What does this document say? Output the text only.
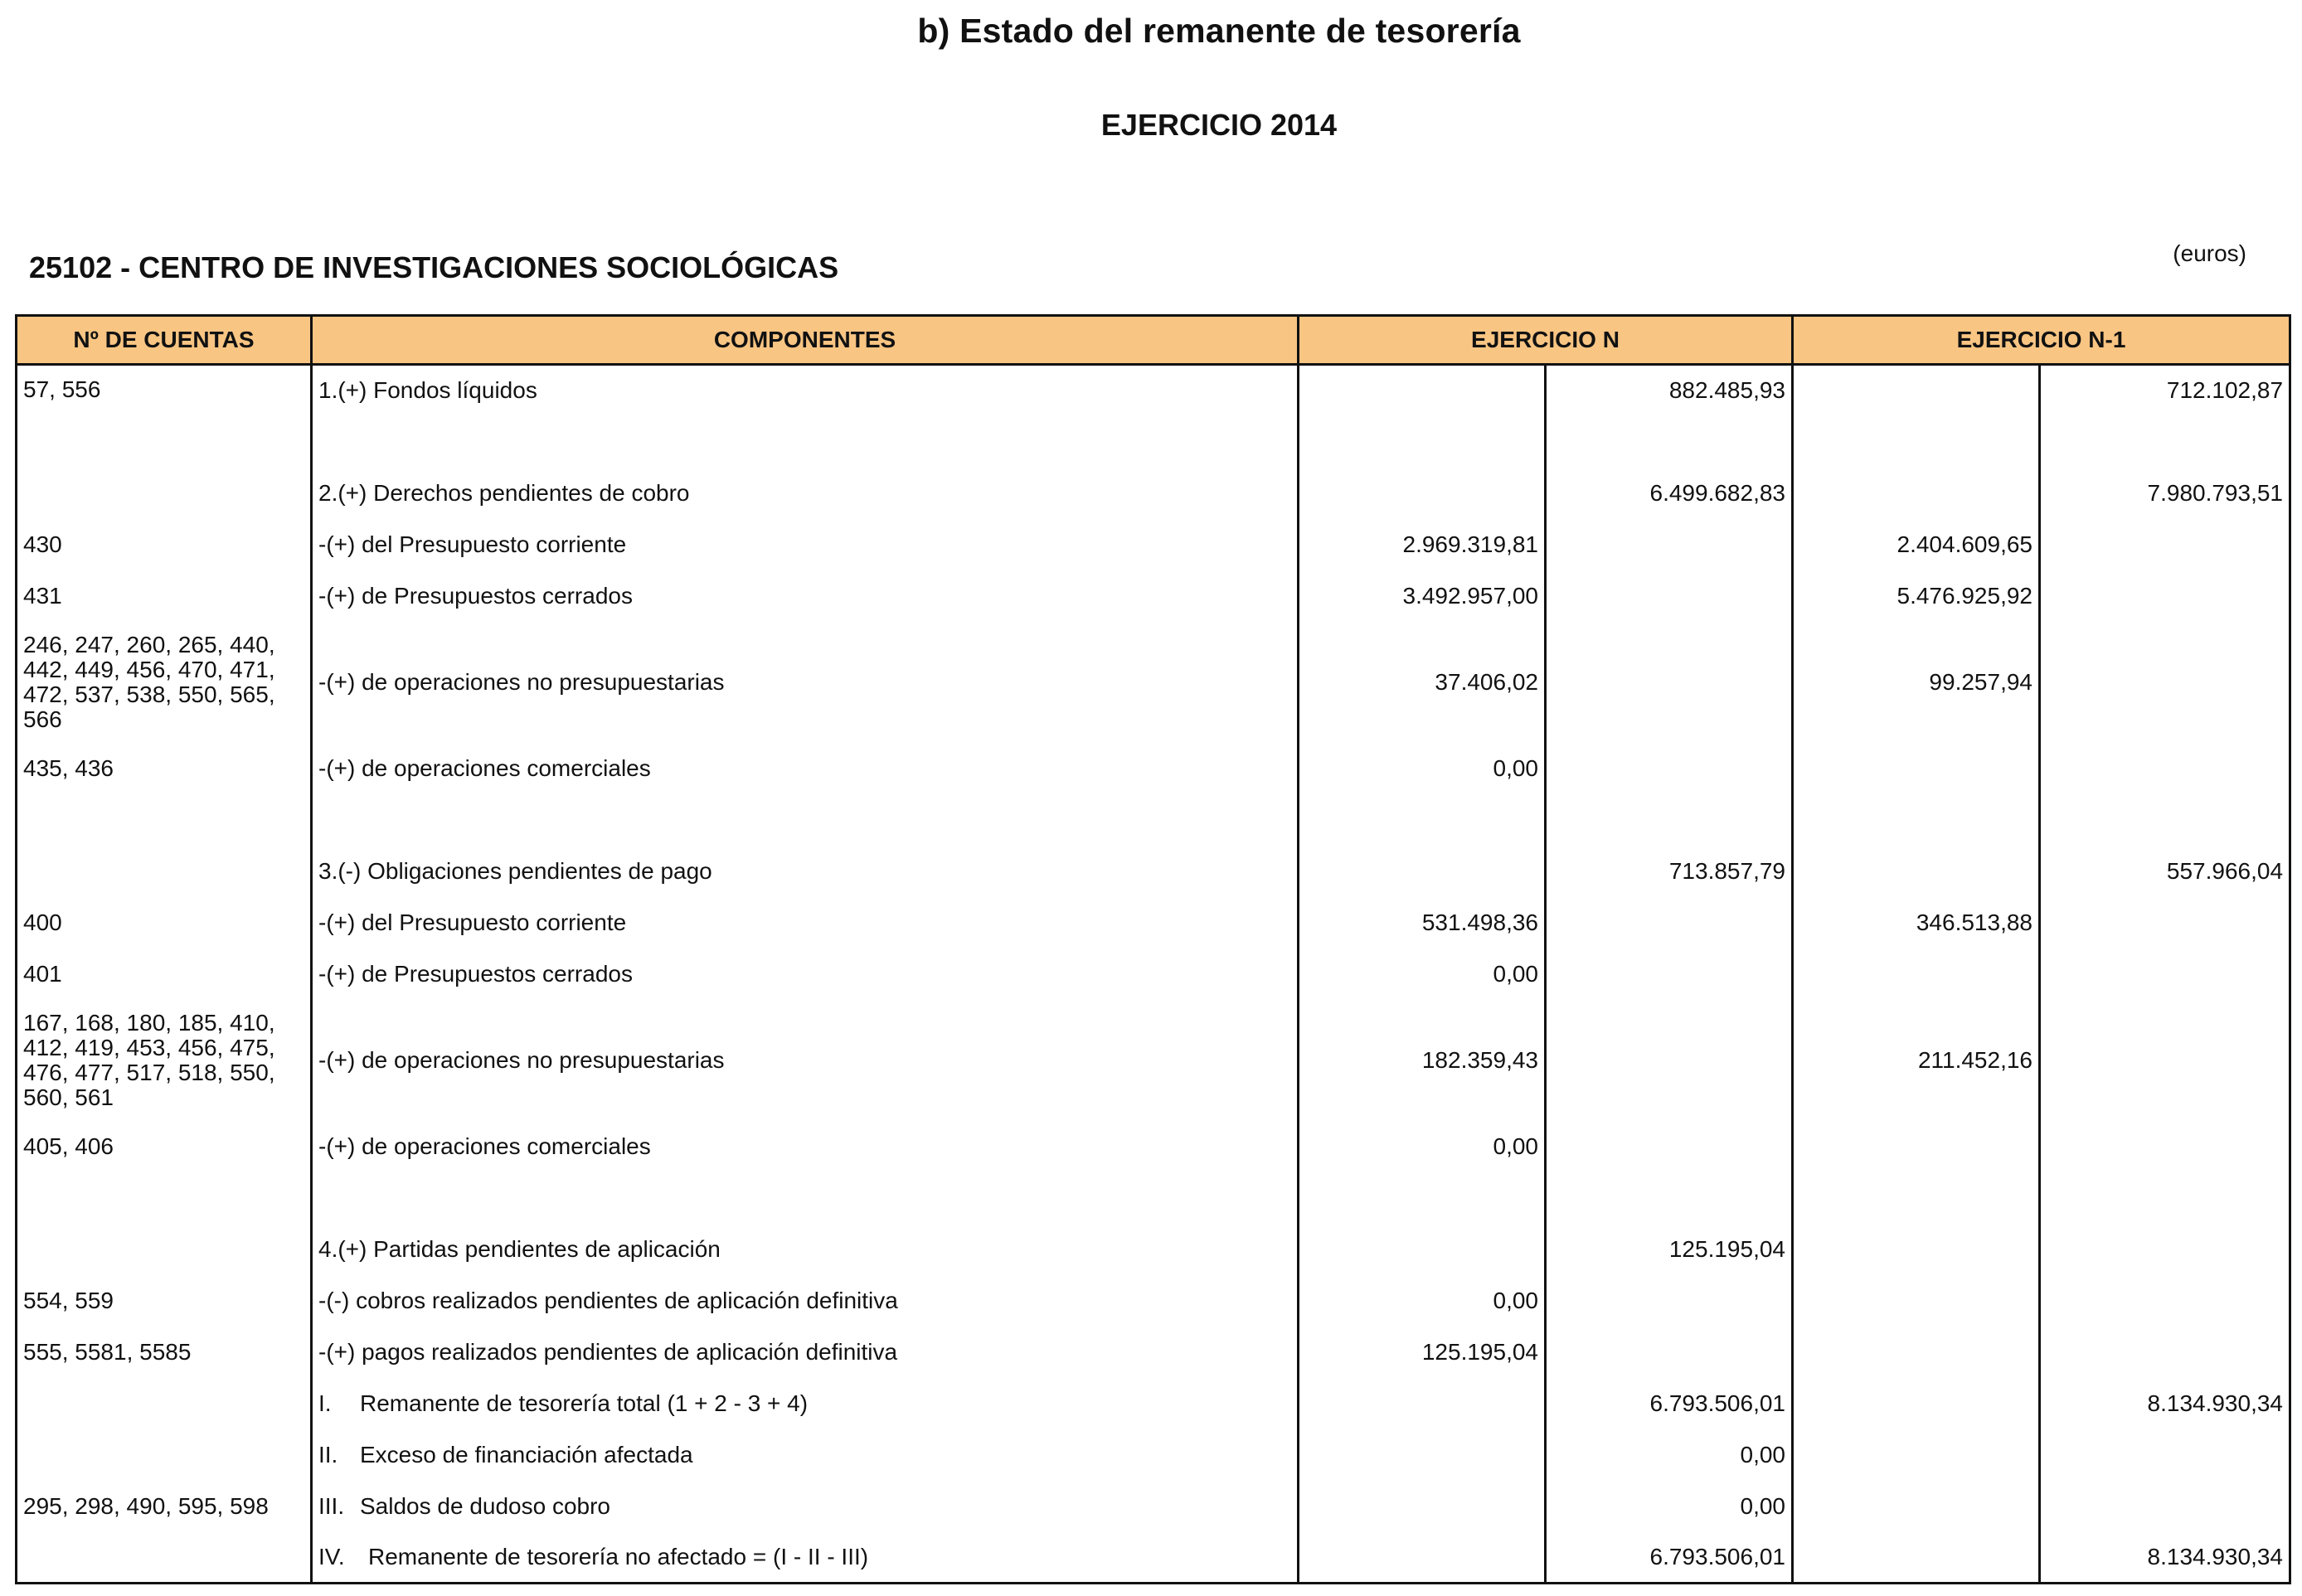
b) Estado del remanente de tesorería
EJERCICIO 2014
25102 - CENTRO DE INVESTIGACIONES SOCIOLÓGICAS	(euros)
Nº DE CUENTAS	COMPONENTES	EJERCICIO N		EJERCICIO N-1	
57, 556	1.(+) Fondos líquidos		882.485,93		712.102,87

	2.(+) Derechos pendientes de cobro		6.499.682,83		7.980.793,51
430	-(+) del Presupuesto corriente	2.969.319,81		2.404.609,65	
431	-(+) de Presupuestos cerrados	3.492.957,00		5.476.925,92	
246, 247, 260, 265, 440, 442, 449, 456, 470, 471, 472, 537, 538, 550, 565, 566	-(+) de operaciones no presupuestarias	37.406,02		99.257,94	
435, 436	-(+) de operaciones comerciales	0,00			

	3.(-) Obligaciones pendientes de pago		713.857,79		557.966,04
400	-(+) del Presupuesto corriente	531.498,36		346.513,88	
401	-(+) de Presupuestos cerrados	0,00			
167, 168, 180, 185, 410, 412, 419, 453, 456, 475, 476, 477, 517, 518, 550, 560, 561	-(+) de operaciones no presupuestarias	182.359,43		211.452,16	
405, 406	-(+) de operaciones comerciales	0,00			

	4.(+) Partidas pendientes de aplicación		125.195,04		
554, 559	-(-) cobros realizados pendientes de aplicación definitiva	0,00			
555, 5581, 5585	-(+) pagos realizados pendientes de aplicación definitiva	125.195,04			
	I. Remanente de tesorería total (1 + 2 - 3 + 4)		6.793.506,01		8.134.930,34
	II. Exceso de financiación afectada		0,00		
295, 298, 490, 595, 598	III. Saldos de dudoso cobro		0,00		
	IV. Remanente de tesorería no afectado = (I - II - III)		6.793.506,01		8.134.930,34
